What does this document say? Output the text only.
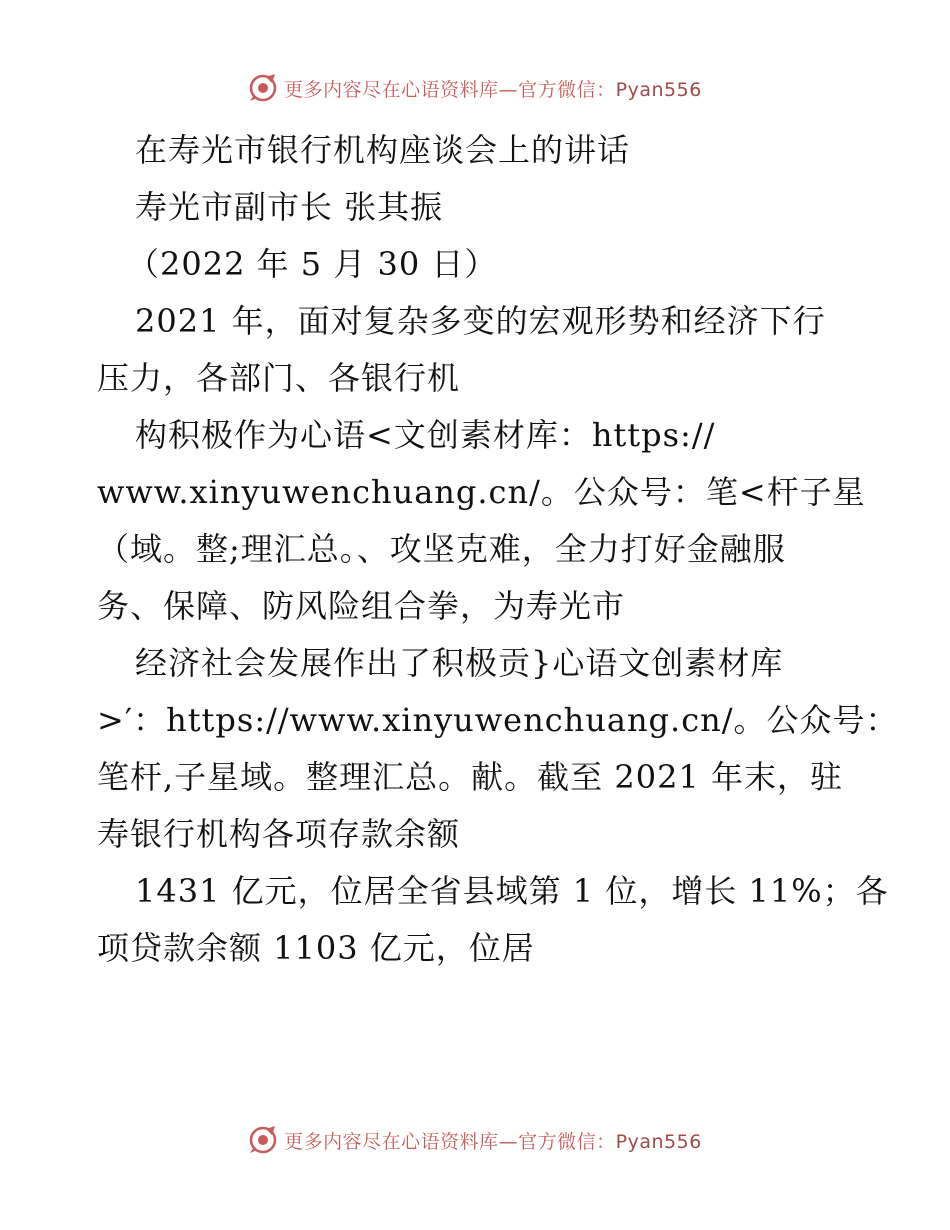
更多内容尽在心语资料库—官方微信：Pyan556
在寿光市银行机构座谈会上的讲话
寿光市副市长 张其振
（2022 年 5 月 30 日）
2021 年，面对复杂多变的宏观形势和经济下行
压力，各部门、各银行机
构积极作为心语<文创素材库：https://
www.xinyuwenchuang.cn/。公众号：笔<杆子星
（域。整;理汇总。、攻坚克难，全力打好金融服
务、保障、防风险组合拳，为寿光市
经济社会发展作出了积极贡}心语文创素材库
>′：https://www.xinyuwenchuang.cn/。公众号：
笔杆,子星域。整理汇总。献。截至 2021 年末，驻
寿银行机构各项存款余额
1431 亿元，位居全省县域第 1 位，增长 11%；各
项贷款余额 1103 亿元，位居
更多内容尽在心语资料库—官方微信：Pyan556
